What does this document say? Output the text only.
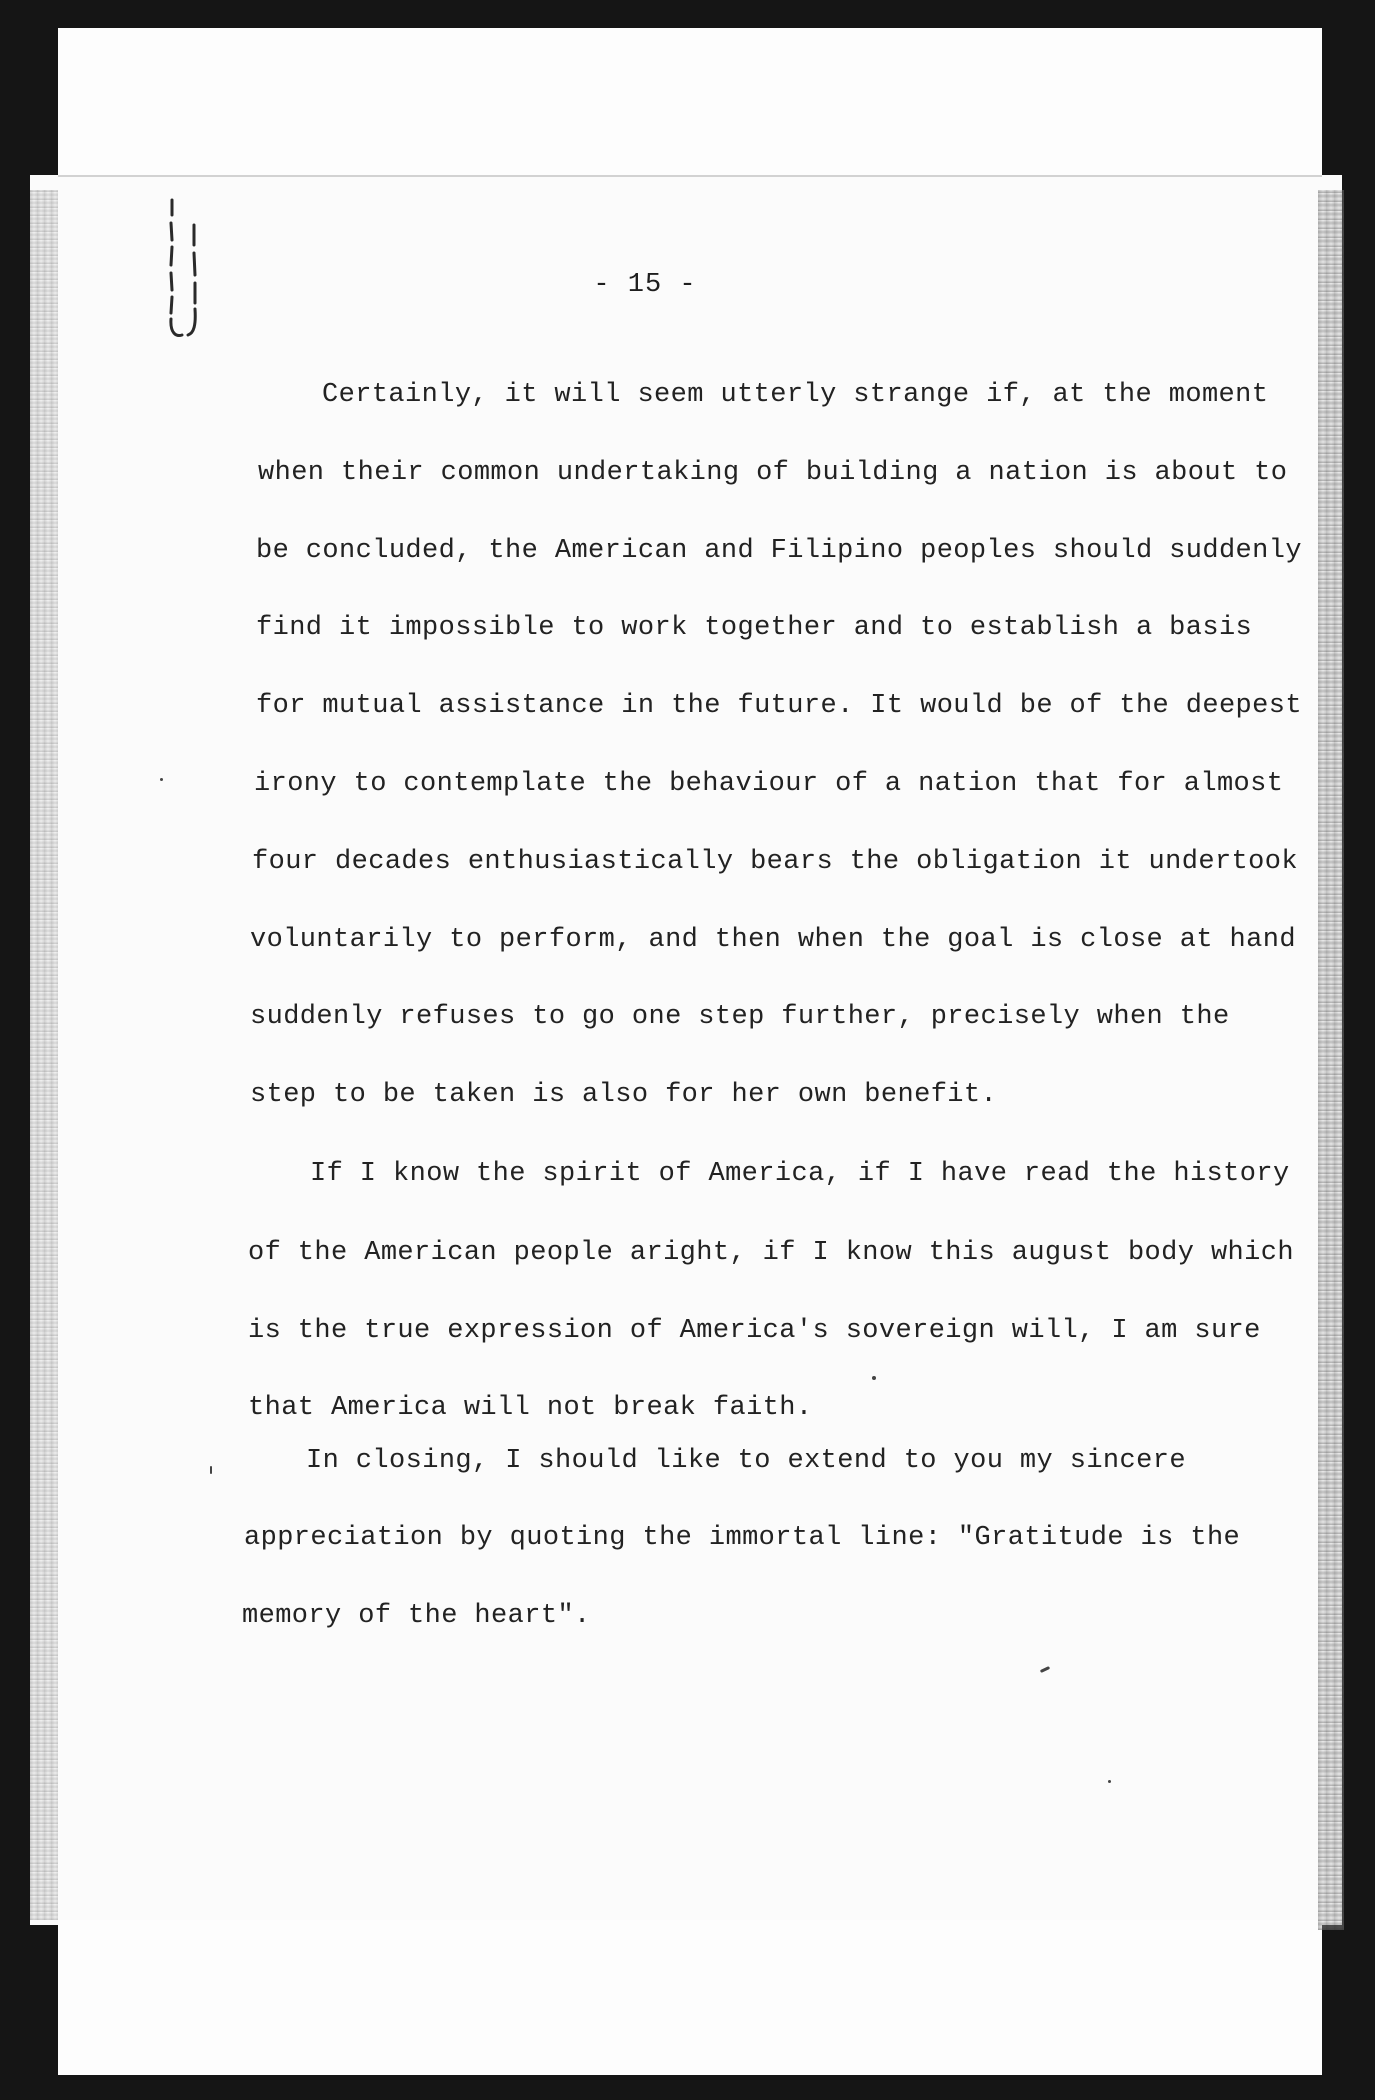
- 15 -
Certainly, it will seem utterly strange if, at the moment
when their common undertaking of building a nation is about to
be concluded, the American and Filipino peoples should suddenly
find it impossible to work together and to establish a basis
for mutual assistance in the future. It would be of the deepest
irony to contemplate the behaviour of a nation that for almost
four decades enthusiastically bears the obligation it undertook
voluntarily to perform, and then when the goal is close at hand
suddenly refuses to go one step further, precisely when the
step to be taken is also for her own benefit.
If I know the spirit of America, if I have read the history
of the American people aright, if I know this august body which
is the true expression of America's sovereign will, I am sure
that America will not break faith.
In closing, I should like to extend to you my sincere
appreciation by quoting the immortal line: "Gratitude is the
memory of the heart".
